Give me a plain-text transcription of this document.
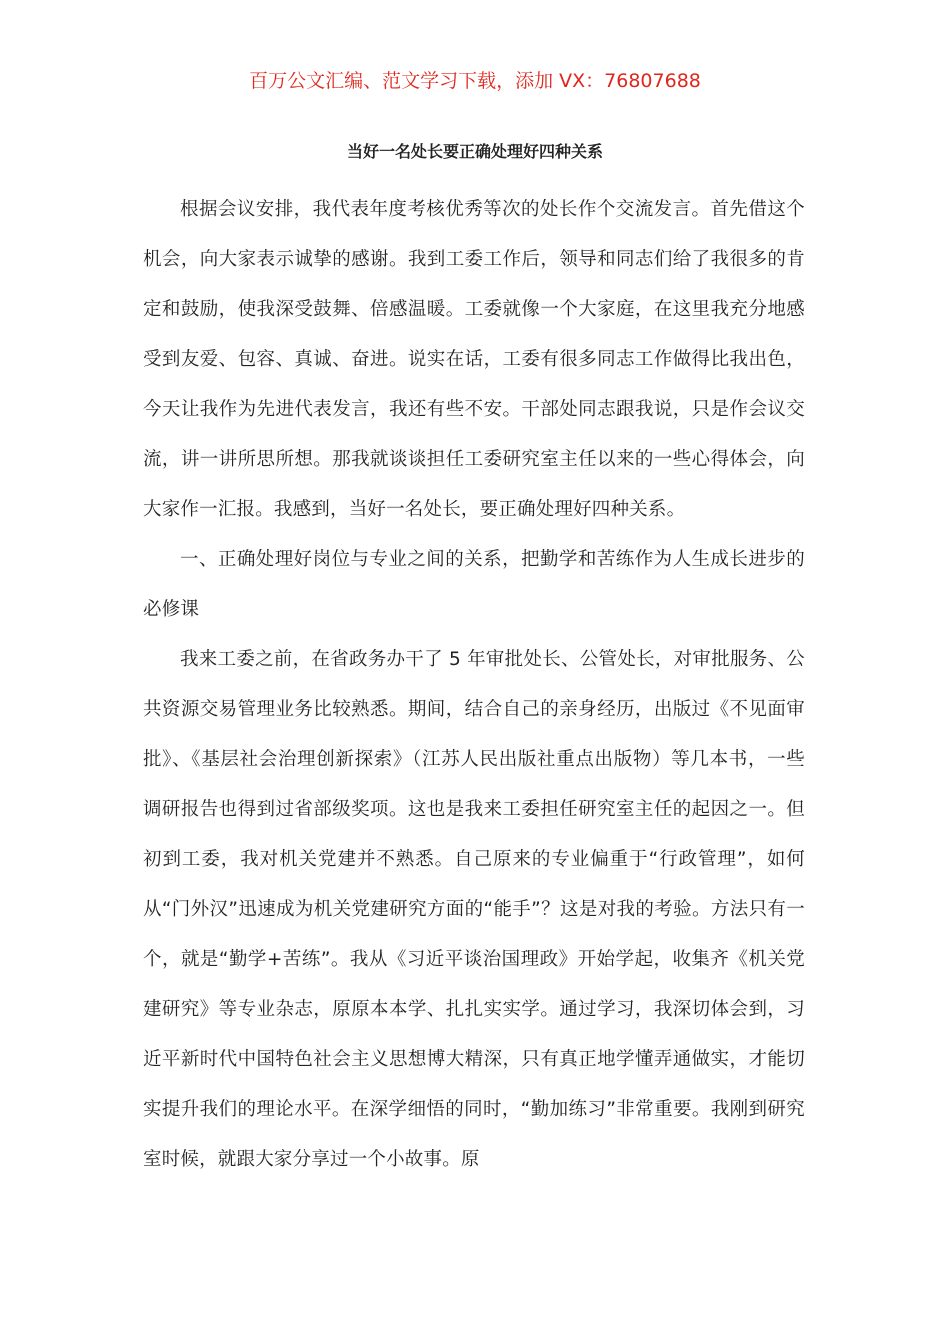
百万公文汇编、范文学习下载，添加 VX：76807688
当好一名处长要正确处理好四种关系

根据会议安排，我代表年度考核优秀等次的处长作个交流发言。首先借这个机会，向大家表示诚挚的感谢。我到工委工作后，领导和同志们给了我很多的肯定和鼓励，使我深受鼓舞、倍感温暖。工委就像一个大家庭，在这里我充分地感受到友爱、包容、真诚、奋进。说实在话，工委有很多同志工作做得比我出色，今天让我作为先进代表发言，我还有些不安。干部处同志跟我说，只是作会议交流，讲一讲所思所想。那我就谈谈担任工委研究室主任以来的一些心得体会，向大家作一汇报。我感到，当好一名处长，要正确处理好四种关系。

一、正确处理好岗位与专业之间的关系，把勤学和苦练作为人生成长进步的必修课

我来工委之前，在省政务办干了 5 年审批处长、公管处长，对审批服务、公共资源交易管理业务比较熟悉。期间，结合自己的亲身经历，出版过《不见面审批》、《基层社会治理创新探索》（江苏人民出版社重点出版物）等几本书，一些调研报告也得到过省部级奖项。这也是我来工委担任研究室主任的起因之一。但初到工委，我对机关党建并不熟悉。自己原来的专业偏重于“行政管理”，如何从“门外汉”迅速成为机关党建研究方面的“能手”？这是对我的考验。方法只有一个，就是“勤学+苦练”。我从《习近平谈治国理政》开始学起，收集齐《机关党建研究》等专业杂志，原原本本学、扎扎实实学。通过学习，我深切体会到，习近平新时代中国特色社会主义思想博大精深，只有真正地学懂弄通做实，才能切实提升我们的理论水平。在深学细悟的同时，“勤加练习”非常重要。我刚到研究室时候，就跟大家分享过一个小故事。原
